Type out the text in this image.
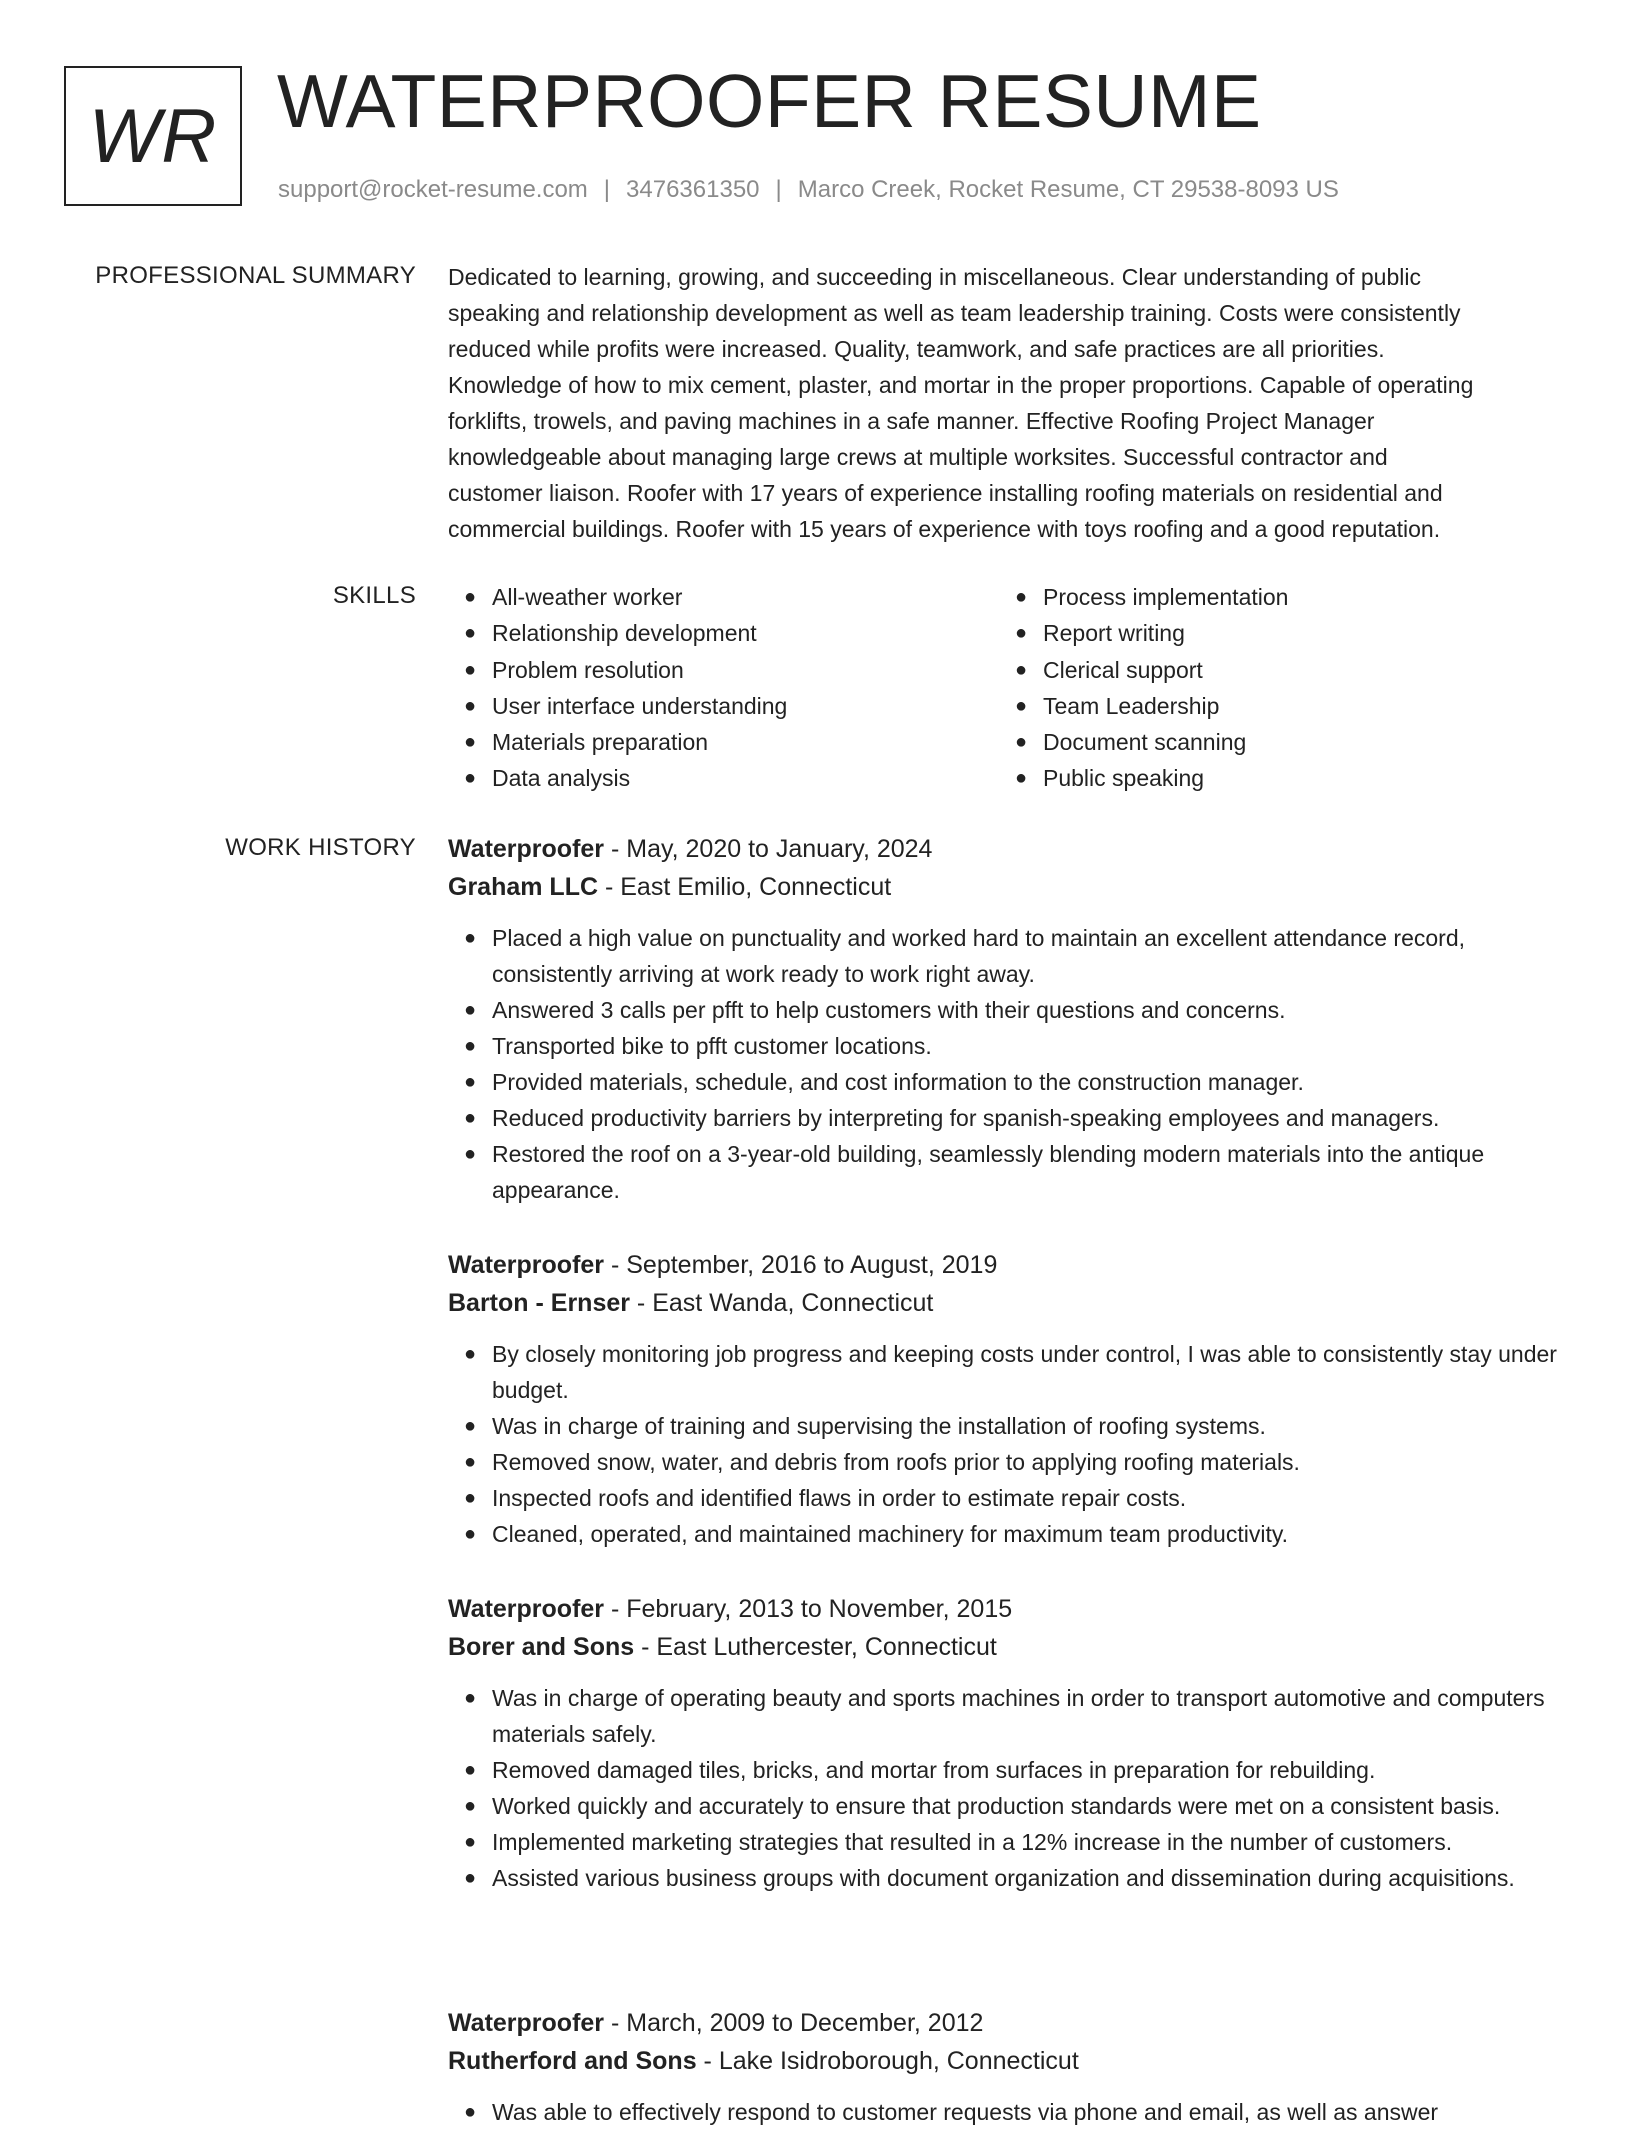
WR WATERPROOFER RESUME
support@rocket-resume.com | 3476361350 | Marco Creek, Rocket Resume, CT 29538-8093 US
PROFESSIONAL SUMMARY Dedicated to learning, growing, and succeeding in miscellaneous. Clear understanding of public
speaking and relationship development as well as team leadership training. Costs were consistently
reduced while profits were increased. Quality, teamwork, and safe practices are all priorities.
Knowledge of how to mix cement, plaster, and mortar in the proper proportions. Capable of operating
forklifts, trowels, and paving machines in a safe manner. Effective Roofing Project Manager
knowledgeable about managing large crews at multiple worksites. Successful contractor and
customer liaison. Roofer with 17 years of experience installing roofing materials on residential and
commercial buildings. Roofer with 15 years of experience with toys roofing and a good reputation.

SKILLS ● All-weather worker
● Relationship development
● Problem resolution
● User interface understanding
● Materials preparation
● Data analysis
● Process implementation
● Report writing
● Clerical support
● Team Leadership
● Document scanning
● Public speaking
WORK HISTORY Waterproofer - May, 2020 to January, 2024
Graham LLC - East Emilio, Connecticut
● Placed a high value on punctuality and worked hard to maintain an excellent attendance record, consistently arriving at work ready to work right away.
● Answered 3 calls per pfft to help customers with their questions and concerns.
● Transported bike to pfft customer locations.
● Provided materials, schedule, and cost information to the construction manager.
● Reduced productivity barriers by interpreting for spanish-speaking employees and managers.
● Restored the roof on a 3-year-old building, seamlessly blending modern materials into the antique appearance.
Waterproofer - September, 2016 to August, 2019
Barton - Ernser - East Wanda, Connecticut
● By closely monitoring job progress and keeping costs under control, I was able to consistently stay under budget.
● Was in charge of training and supervising the installation of roofing systems.
● Removed snow, water, and debris from roofs prior to applying roofing materials.
● Inspected roofs and identified flaws in order to estimate repair costs.
● Cleaned, operated, and maintained machinery for maximum team productivity.
Waterproofer - February, 2013 to November, 2015
Borer and Sons - East Luthercester, Connecticut
● Was in charge of operating beauty and sports machines in order to transport automotive and computers materials safely.
● Removed damaged tiles, bricks, and mortar from surfaces in preparation for rebuilding.
● Worked quickly and accurately to ensure that production standards were met on a consistent basis.
● Implemented marketing strategies that resulted in a 12% increase in the number of customers.
● Assisted various business groups with document organization and dissemination during acquisitions.
Waterproofer - March, 2009 to December, 2012
Rutherford and Sons - Lake Isidroborough, Connecticut
● Was able to effectively respond to customer requests via phone and email, as well as answer
